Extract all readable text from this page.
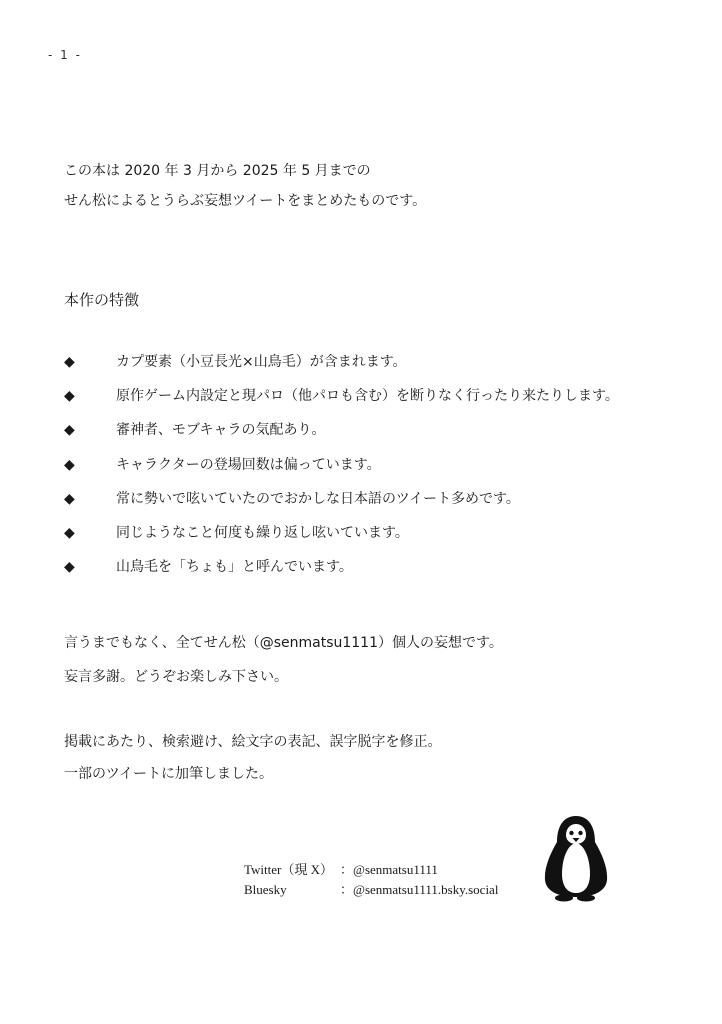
- 1 -
この本は 2020 年 3 月から 2025 年 5 月までの
せん松によるとうらぶ妄想ツイートをまとめたものです。
本作の特徴
◆	カプ要素（小豆長光×山鳥毛）が含まれます。
◆	原作ゲーム内設定と現パロ（他パロも含む）を断りなく行ったり来たりします。
◆	審神者、モブキャラの気配あり。
◆	キャラクターの登場回数は偏っています。
◆	常に勢いで呟いていたのでおかしな日本語のツイート多めです。
◆	同じようなこと何度も繰り返し呟いています。
◆	山鳥毛を「ちょも」と呼んでいます。
言うまでもなく、全てせん松（@senmatsu1111）個人の妄想です。
妄言多謝。どうぞお楽しみ下さい。
掲載にあたり、検索避け、絵文字の表記、誤字脱字を修正。
一部のツイートに加筆しました。
Twitter（現 X） ：@senmatsu1111
Bluesky	：@senmatsu1111.bsky.social
